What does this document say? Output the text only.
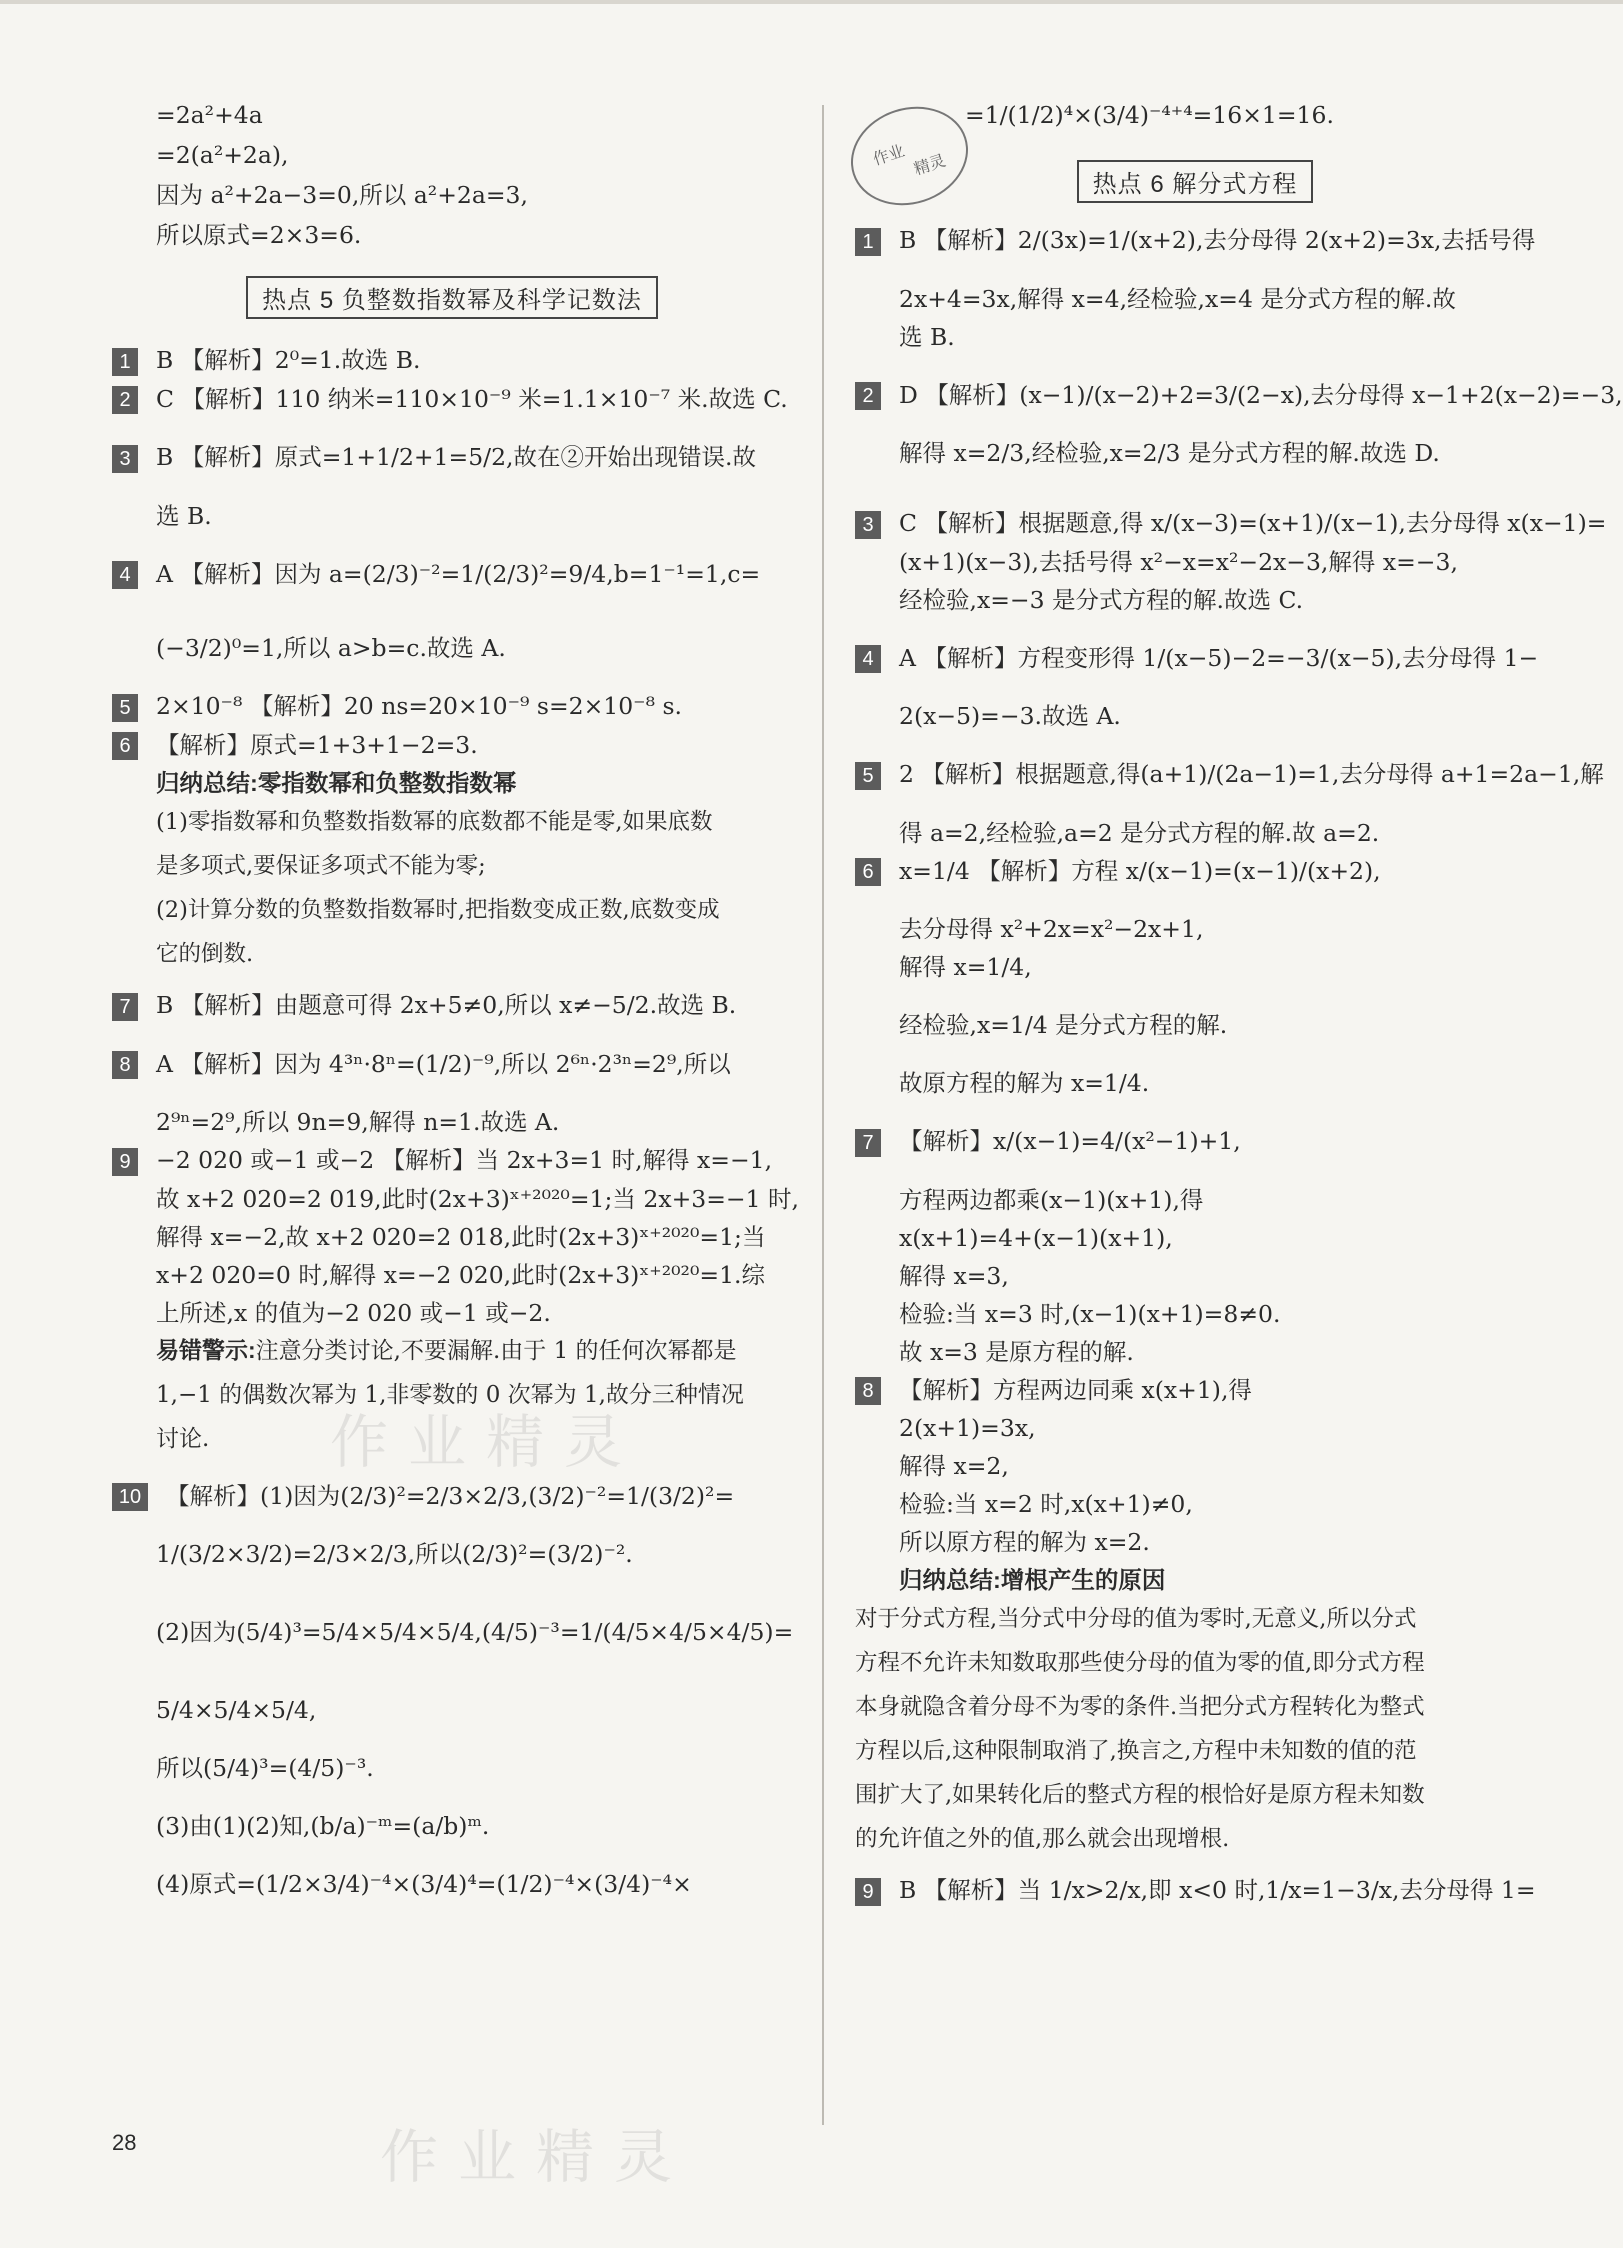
=2a²+4a
=2(a²+2a),
因为 a²+2a−3=0,所以 a²+2a=3,
所以原式=2×3=6.
热点 5 负整数指数幂及科学记数法
1 B 【解析】2⁰=1.故选 B.
2 C 【解析】110 纳米=110×10⁻⁹ 米=1.1×10⁻⁷ 米.故选 C.
3 B 【解析】原式=1+1/2+1=5/2,故在②开始出现错误.故
选 B.
4 A 【解析】因为 a=(2/3)⁻²=1/(2/3)²=9/4,b=1⁻¹=1,c=
(−3/2)⁰=1,所以 a>b=c.故选 A.
5 2×10⁻⁸ 【解析】20 ns=20×10⁻⁹ s=2×10⁻⁸ s.
6 【解析】原式=1+3+1−2=3.
归纳总结:零指数幂和负整数指数幂
(1)零指数幂和负整数指数幂的底数都不能是零,如果底数
是多项式,要保证多项式不能为零;
(2)计算分数的负整数指数幂时,把指数变成正数,底数变成
它的倒数.
7 B 【解析】由题意可得 2x+5≠0,所以 x≠−5/2.故选 B.
8 A 【解析】因为 4³ⁿ·8ⁿ=(1/2)⁻⁹,所以 2⁶ⁿ·2³ⁿ=2⁹,所以
2⁹ⁿ=2⁹,所以 9n=9,解得 n=1.故选 A.
9 −2 020 或−1 或−2 【解析】当 2x+3=1 时,解得 x=−1,
故 x+2 020=2 019,此时(2x+3)ˣ⁺²⁰²⁰=1;当 2x+3=−1 时,
解得 x=−2,故 x+2 020=2 018,此时(2x+3)ˣ⁺²⁰²⁰=1;当
x+2 020=0 时,解得 x=−2 020,此时(2x+3)ˣ⁺²⁰²⁰=1.综
上所述,x 的值为−2 020 或−1 或−2.
易错警示:注意分类讨论,不要漏解.由于 1 的任何次幂都是
1,−1 的偶数次幂为 1,非零数的 0 次幂为 1,故分三种情况
讨论.
10 【解析】(1)因为(2/3)²=2/3×2/3,(3/2)⁻²=1/(3/2)²=
1/(3/2×3/2)=2/3×2/3,所以(2/3)²=(3/2)⁻².
(2)因为(5/4)³=5/4×5/4×5/4,(4/5)⁻³=1/(4/5×4/5×4/5)=
5/4×5/4×5/4,
所以(5/4)³=(4/5)⁻³.
(3)由(1)(2)知,(b/a)⁻ᵐ=(a/b)ᵐ.
(4)原式=(1/2×3/4)⁻⁴×(3/4)⁴=(1/2)⁻⁴×(3/4)⁻⁴×
作业 精灵
=1/(1/2)⁴×(3/4)⁻⁴⁺⁴=16×1=16.
热点 6 解分式方程
1 B 【解析】2/(3x)=1/(x+2),去分母得 2(x+2)=3x,去括号得
2x+4=3x,解得 x=4,经检验,x=4 是分式方程的解.故
选 B.
2 D 【解析】(x−1)/(x−2)+2=3/(2−x),去分母得 x−1+2(x−2)=−3,
解得 x=2/3,经检验,x=2/3 是分式方程的解.故选 D.
3 C 【解析】根据题意,得 x/(x−3)=(x+1)/(x−1),去分母得 x(x−1)=
(x+1)(x−3),去括号得 x²−x=x²−2x−3,解得 x=−3,
经检验,x=−3 是分式方程的解.故选 C.
4 A 【解析】方程变形得 1/(x−5)−2=−3/(x−5),去分母得 1−
2(x−5)=−3.故选 A.
5 2 【解析】根据题意,得(a+1)/(2a−1)=1,去分母得 a+1=2a−1,解
得 a=2,经检验,a=2 是分式方程的解.故 a=2.
6 x=1/4 【解析】方程 x/(x−1)=(x−1)/(x+2),
去分母得 x²+2x=x²−2x+1,
解得 x=1/4,
经检验,x=1/4 是分式方程的解.
故原方程的解为 x=1/4.
7 【解析】x/(x−1)=4/(x²−1)+1,
方程两边都乘(x−1)(x+1),得
x(x+1)=4+(x−1)(x+1),
解得 x=3,
检验:当 x=3 时,(x−1)(x+1)=8≠0.
故 x=3 是原方程的解.
8 【解析】方程两边同乘 x(x+1),得
2(x+1)=3x,
解得 x=2,
检验:当 x=2 时,x(x+1)≠0,
所以原方程的解为 x=2.
归纳总结:增根产生的原因
对于分式方程,当分式中分母的值为零时,无意义,所以分式
方程不允许未知数取那些使分母的值为零的值,即分式方程
本身就隐含着分母不为零的条件.当把分式方程转化为整式
方程以后,这种限制取消了,换言之,方程中未知数的值的范
围扩大了,如果转化后的整式方程的根恰好是原方程未知数
的允许值之外的值,那么就会出现增根.
9 B 【解析】当 1/x>2/x,即 x<0 时,1/x=1−3/x,去分母得 1=
作业精灵
作业精灵
28
